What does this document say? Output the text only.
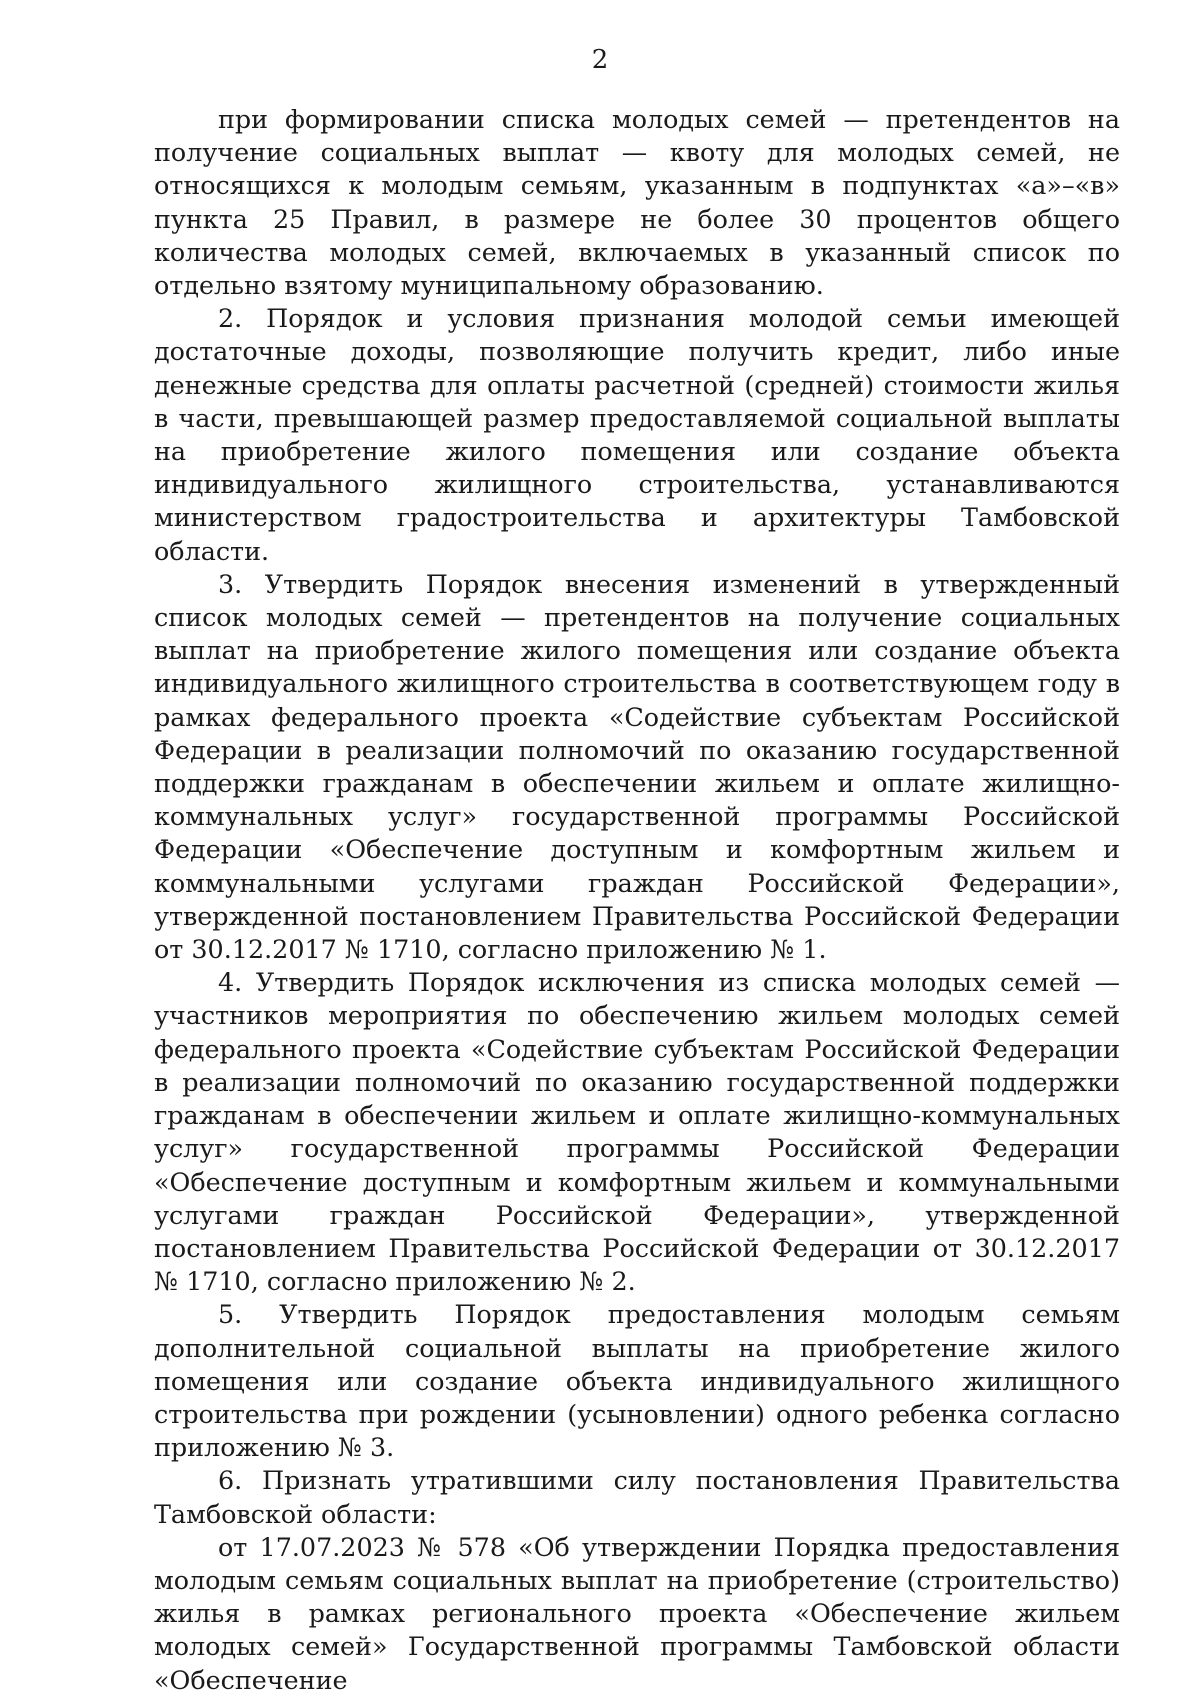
2

при формировании списка молодых семей — претендентов на получение социальных выплат — квоту для молодых семей, не относящихся к молодым семьям, указанным в подпунктах «а»–«в» пункта 25 Правил, в размере не более 30 процентов общего количества молодых семей, включаемых в указанный список по отдельно взятому муниципальному образованию.

2. Порядок и условия признания молодой семьи имеющей достаточные доходы, позволяющие получить кредит, либо иные денежные средства для оплаты расчетной (средней) стоимости жилья в части, превышающей размер предоставляемой социальной выплаты на приобретение жилого помещения или создание объекта индивидуального жилищного строительства, устанавливаются министерством градостроительства и архитектуры Тамбовской области.

3. Утвердить Порядок внесения изменений в утвержденный список молодых семей — претендентов на получение социальных выплат на приобретение жилого помещения или создание объекта индивидуального жилищного строительства в соответствующем году в рамках федерального проекта «Содействие субъектам Российской Федерации в реализации полномочий по оказанию государственной поддержки гражданам в обеспечении жильем и оплате жилищно-коммунальных услуг» государственной программы Российской Федерации «Обеспечение доступным и комфортным жильем и коммунальными услугами граждан Российской Федерации», утвержденной постановлением Правительства Российской Федерации от 30.12.2017 № 1710, согласно приложению № 1.

4. Утвердить Порядок исключения из списка молодых семей — участников мероприятия по обеспечению жильем молодых семей федерального проекта «Содействие субъектам Российской Федерации в реализации полномочий по оказанию государственной поддержки гражданам в обеспечении жильем и оплате жилищно-коммунальных услуг» государственной программы Российской Федерации «Обеспечение доступным и комфортным жильем и коммунальными услугами граждан Российской Федерации», утвержденной постановлением Правительства Российской Федерации от 30.12.2017 № 1710, согласно приложению № 2.

5. Утвердить Порядок предоставления молодым семьям дополнительной социальной выплаты на приобретение жилого помещения или создание объекта индивидуального жилищного строительства при рождении (усыновлении) одного ребенка согласно приложению № 3.

6. Признать утратившими силу постановления Правительства Тамбовской области:

от 17.07.2023 № 578 «Об утверждении Порядка предоставления молодым семьям социальных выплат на приобретение (строительство) жилья в рамках регионального проекта «Обеспечение жильем молодых семей» Государственной программы Тамбовской области «Обеспечение
